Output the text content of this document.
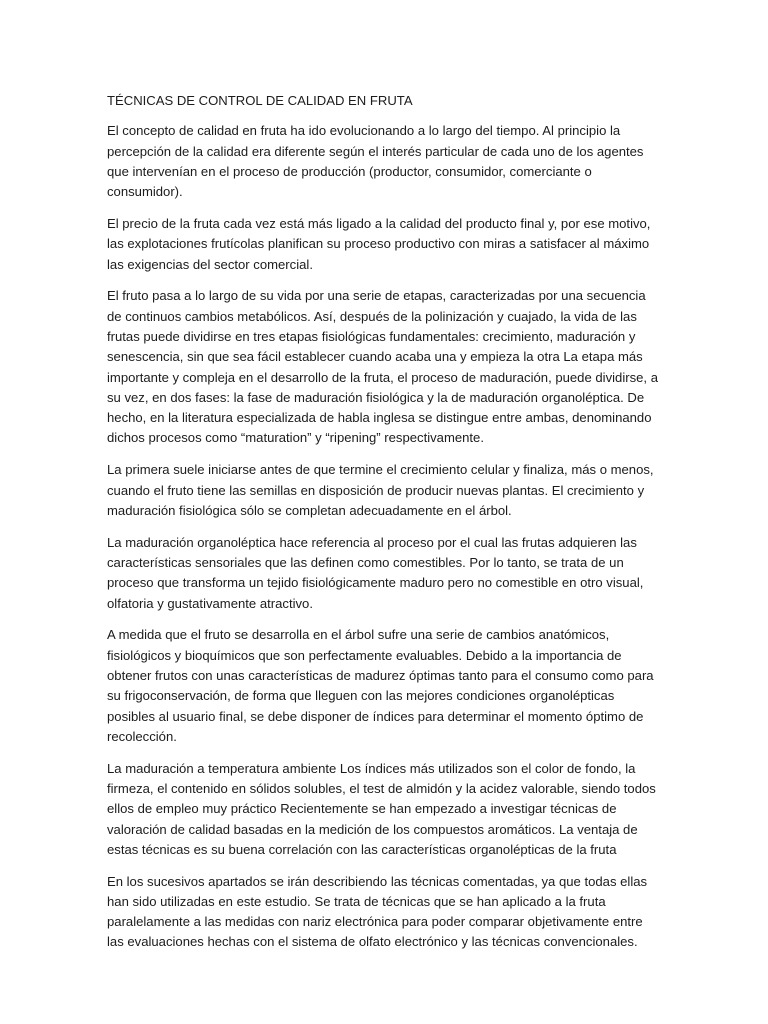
TÉCNICAS DE CONTROL DE CALIDAD EN FRUTA

El concepto de calidad en fruta ha ido evolucionando a lo largo del tiempo. Al principio la percepción de la calidad era diferente según el interés particular de cada uno de los agentes que intervenían en el proceso de producción (productor, consumidor, comerciante o consumidor).

El precio de la fruta cada vez está más ligado a la calidad del producto final y, por ese motivo, las explotaciones frutícolas planifican su proceso productivo con miras a satisfacer al máximo las exigencias del sector comercial.

El fruto pasa a lo largo de su vida por una serie de etapas, caracterizadas por una secuencia de continuos cambios metabólicos. Así, después de la polinización y cuajado, la vida de las frutas puede dividirse en tres etapas fisiológicas fundamentales: crecimiento, maduración y senescencia, sin que sea fácil establecer cuando acaba una y empieza la otra La etapa más importante y compleja en el desarrollo de la fruta, el proceso de maduración, puede dividirse, a su vez, en dos fases: la fase de maduración fisiológica y la de maduración organoléptica. De hecho, en la literatura especializada de habla inglesa se distingue entre ambas, denominando dichos procesos como “maturation” y “ripening” respectivamente.

La primera suele iniciarse antes de que termine el crecimiento celular y finaliza, más o menos, cuando el fruto tiene las semillas en disposición de producir nuevas plantas. El crecimiento y maduración fisiológica sólo se completan adecuadamente en el árbol.

La maduración organoléptica hace referencia al proceso por el cual las frutas adquieren las características sensoriales que las definen como comestibles. Por lo tanto, se trata de un proceso que transforma un tejido fisiológicamente maduro pero no comestible en otro visual, olfatoria y gustativamente atractivo.

A medida que el fruto se desarrolla en el árbol sufre una serie de cambios anatómicos, fisiológicos y bioquímicos que son perfectamente evaluables. Debido a la importancia de obtener frutos con unas características de madurez óptimas tanto para el consumo como para su frigoconservación, de forma que lleguen con las mejores condiciones organolépticas posibles al usuario final, se debe disponer de índices para determinar el momento óptimo de recolección.

La maduración a temperatura ambiente Los índices más utilizados son el color de fondo, la firmeza, el contenido en sólidos solubles, el test de almidón y la acidez valorable, siendo todos ellos de empleo muy práctico Recientemente se han empezado a investigar técnicas de valoración de calidad basadas en la medición de los compuestos aromáticos. La ventaja de estas técnicas es su buena correlación con las características organolépticas de la fruta

En los sucesivos apartados se irán describiendo las técnicas comentadas, ya que todas ellas han sido utilizadas en este estudio. Se trata de técnicas que se han aplicado a la fruta paralelamente a las medidas con nariz electrónica para poder comparar objetivamente entre las evaluaciones hechas con el sistema de olfato electrónico y las técnicas convencionales.
